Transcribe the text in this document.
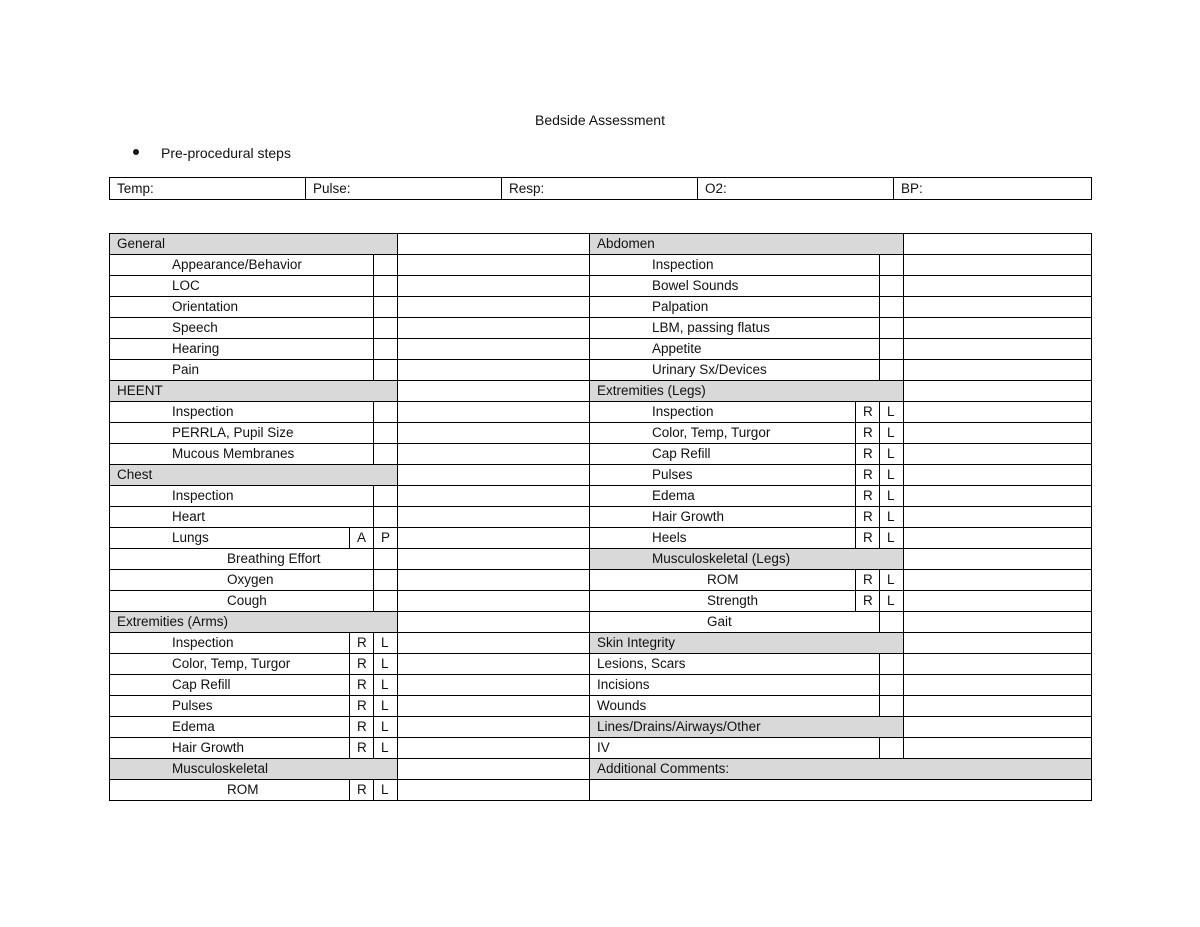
Bedside Assessment
Pre-procedural steps
Temp:	Pulse:	Resp:	O2:	BP:
General				Abdomen			
Appearance/Behavior				Inspection			
LOC				Bowel Sounds			
Orientation				Palpation			
Speech				LBM, passing flatus			
Hearing				Appetite			
Pain				Urinary Sx/Devices			
HEENT				Extremities (Legs)			
Inspection				Inspection	R	L	
PERRLA, Pupil Size				Color, Temp, Turgor	R	L	
Mucous Membranes				Cap Refill	R	L	
Chest				Pulses	R	L	
Inspection				Edema	R	L	
Heart				Hair Growth	R	L	
Lungs	A	P		Heels	R	L	
Breathing Effort				Musculoskeletal (Legs)			
Oxygen				ROM	R	L	
Cough				Strength	R	L	
Extremities (Arms)				Gait			
Inspection	R	L		Skin Integrity			
Color, Temp, Turgor	R	L		Lesions, Scars			
Cap Refill	R	L		Incisions			
Pulses	R	L		Wounds			
Edema	R	L		Lines/Drains/Airways/Other			
Hair Growth	R	L		IV			
Musculoskeletal				Additional Comments:			
ROM	R	L					
